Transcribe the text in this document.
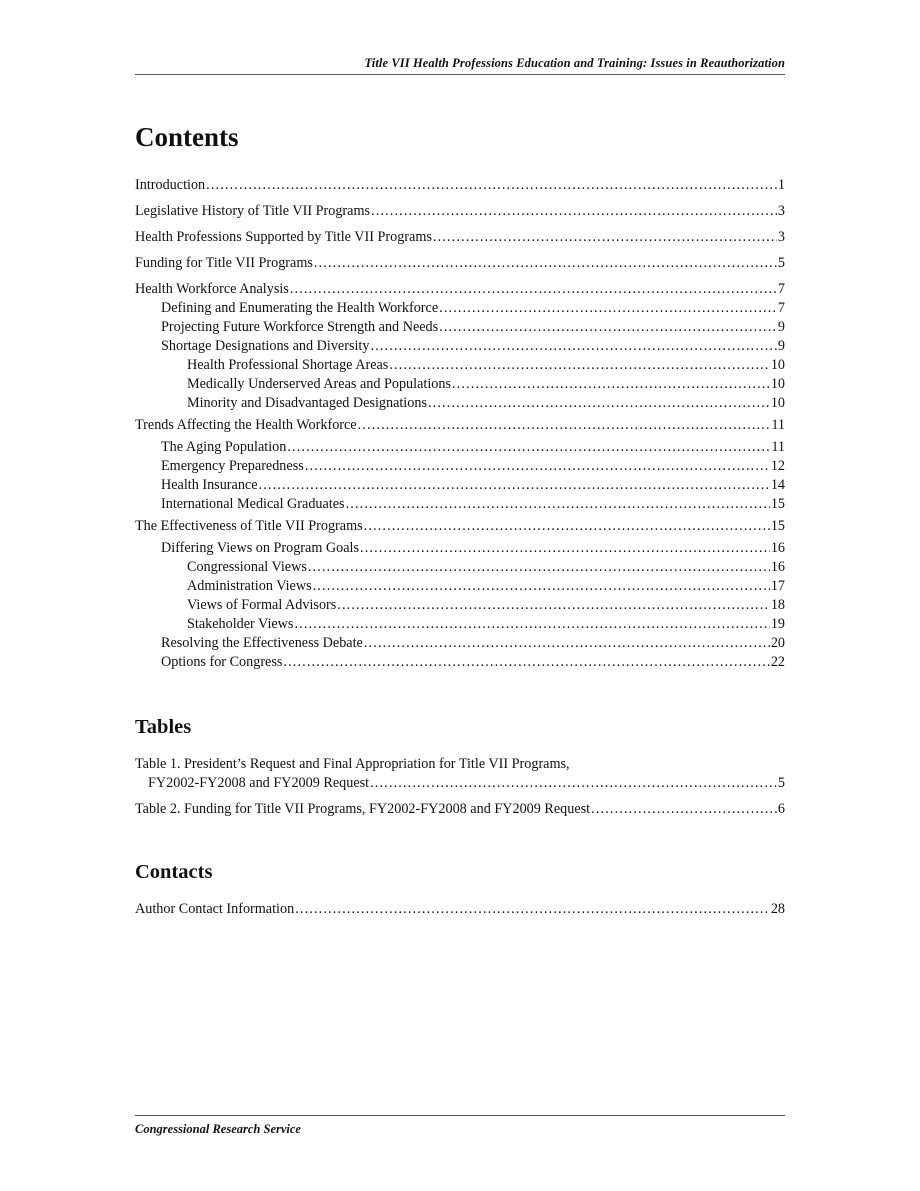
Title VII Health Professions Education and Training: Issues in Reauthorization
Contents
Introduction . . .	1
Legislative History of Title VII Programs . . .	3
Health Professions Supported by Title VII Programs . . .	3
Funding for Title VII Programs . . .	5
Health Workforce Analysis . . .	7
Defining and Enumerating the Health Workforce . . .	7
Projecting Future Workforce Strength and Needs . . .	9
Shortage Designations and Diversity . . .	9
Health Professional Shortage Areas . . .	10
Medically Underserved Areas and Populations . . .	10
Minority and Disadvantaged Designations . . .	10
Trends Affecting the Health Workforce . . .	11
The Aging Population . . .	11
Emergency Preparedness . . .	12
Health Insurance . . .	14
International Medical Graduates . . .	15
The Effectiveness of Title VII Programs . . .	15
Differing Views on Program Goals . . .	16
Congressional Views . . .	16
Administration Views . . .	17
Views of Formal Advisors . . .	18
Stakeholder Views . . .	19
Resolving the Effectiveness Debate . . .	20
Options for Congress . . .	22
Tables
Table 1. President’s Request and Final Appropriation for Title VII Programs,
FY2002-FY2008 and FY2009 Request . . .	5
Table 2. Funding for Title VII Programs, FY2002-FY2008 and FY2009 Request . . .	6
Contacts
Author Contact Information . . .	28
Congressional Research Service
